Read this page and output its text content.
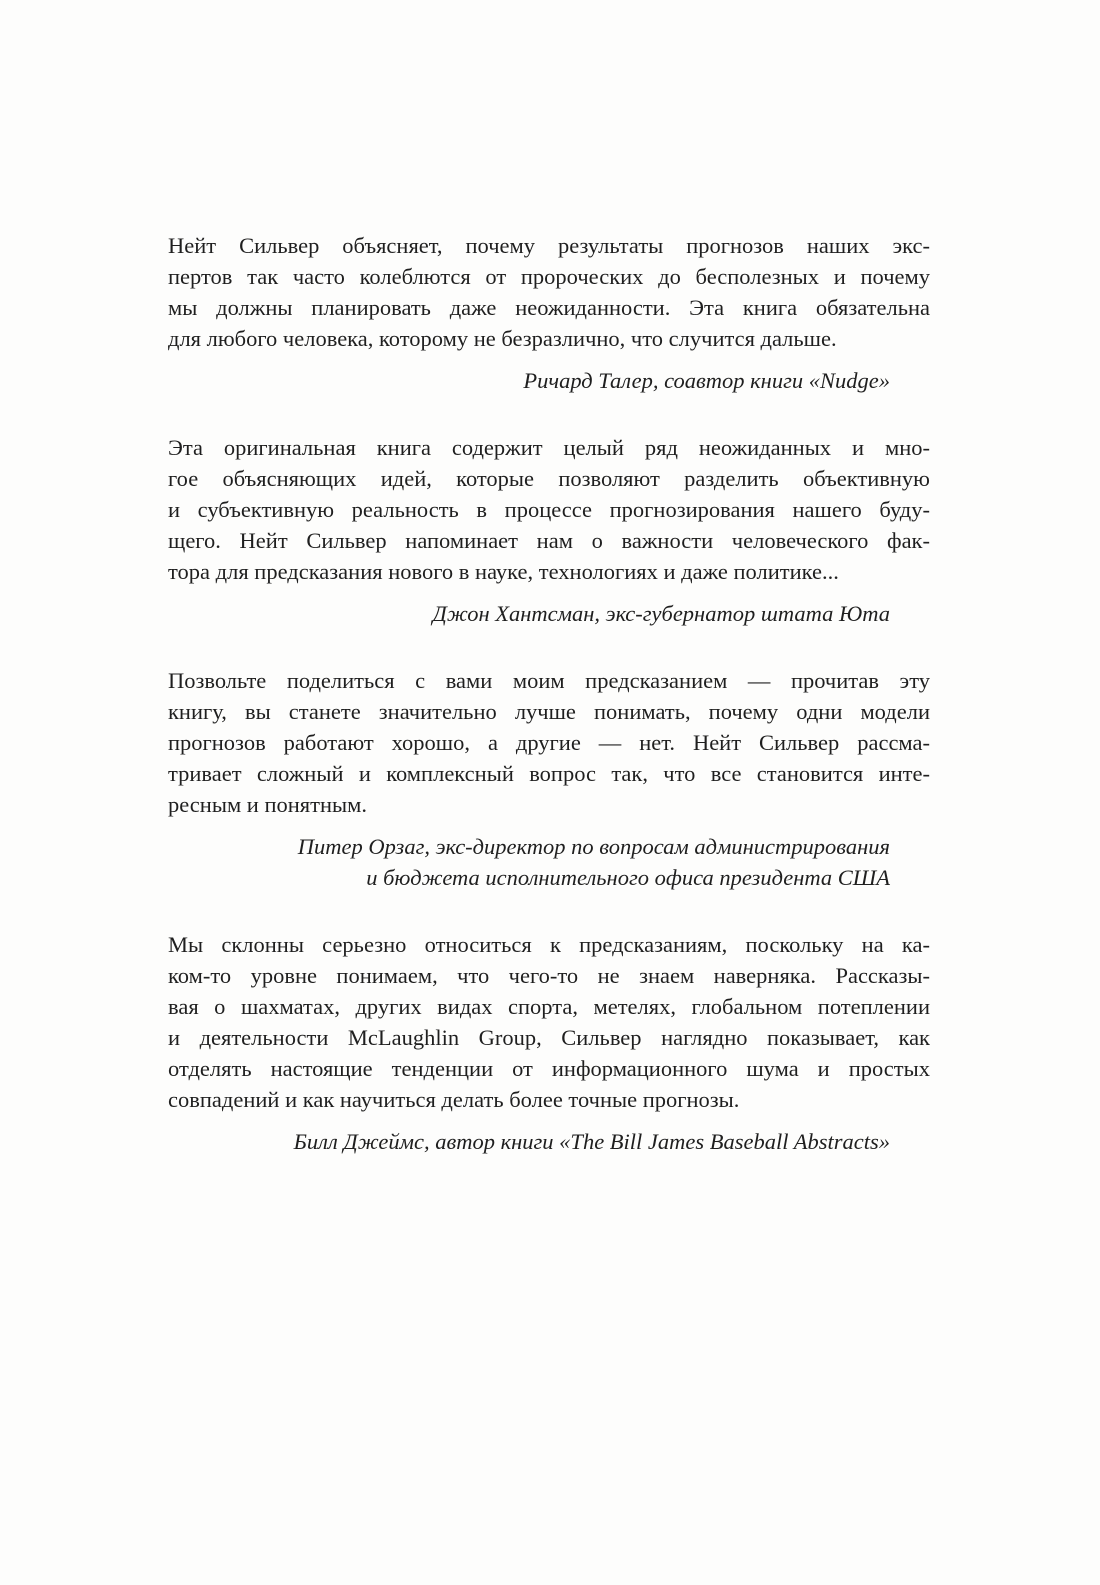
Нейт Сильвер объясняет, почему результаты прогнозов наших экс-
пертов так часто колеблются от пророческих до бесполезных и почему
мы должны планировать даже неожиданности. Эта книга обязательна
для любого человека, которому не безразлично, что случится дальше.
Ричард Талер, соавтор книги «Nudge»
Эта оригинальная книга содержит целый ряд неожиданных и мно-
гое объясняющих идей, которые позволяют разделить объективную
и субъективную реальность в процессе прогнозирования нашего буду-
щего. Нейт Сильвер напоминает нам о важности человеческого фак-
тора для предсказания нового в науке, технологиях и даже политике...
Джон Хантсман, экс-губернатор штата Юта
Позвольте поделиться с вами моим предсказанием — прочитав эту
книгу, вы станете значительно лучше понимать, почему одни модели
прогнозов работают хорошо, а другие — нет. Нейт Сильвер рассма-
тривает сложный и комплексный вопрос так, что все становится инте-
ресным и понятным.
Питер Орзаг, экс-директор по вопросам администрирования
и бюджета исполнительного офиса президента США
Мы склонны серьезно относиться к предсказаниям, поскольку на ка-
ком-то уровне понимаем, что чего-то не знаем наверняка. Рассказы-
вая о шахматах, других видах спорта, метелях, глобальном потеплении
и деятельности McLaughlin Group, Сильвер наглядно показывает, как
отделять настоящие тенденции от информационного шума и простых
совпадений и как научиться делать более точные прогнозы.
Билл Джеймс, автор книги «The Bill James Baseball Abstracts»
